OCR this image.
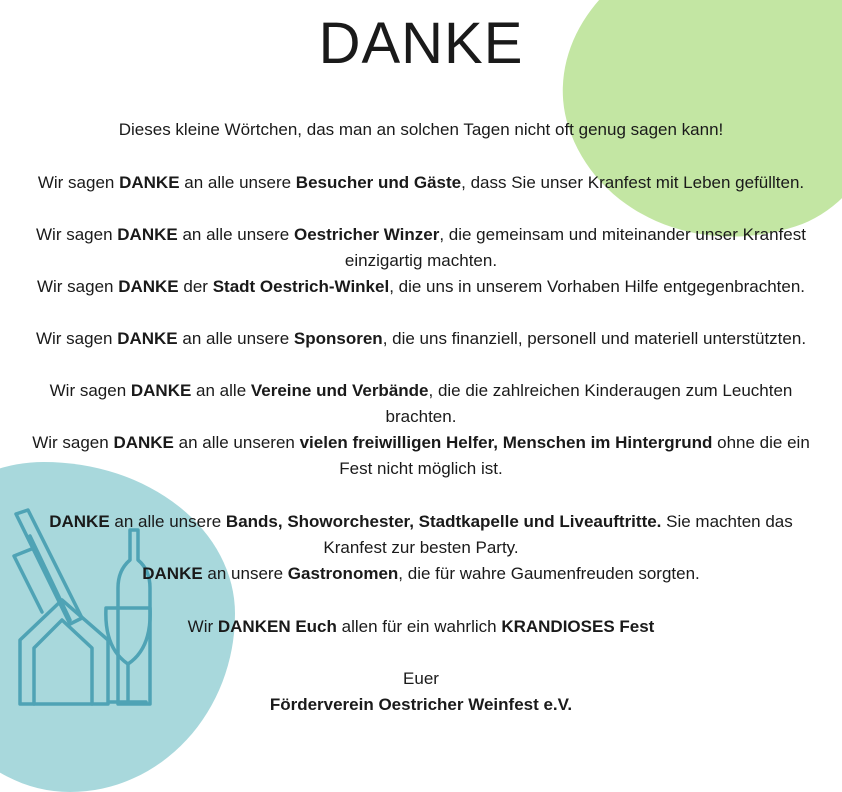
DANKE

Dieses kleine Wörtchen, das man an solchen Tagen nicht oft genug sagen kann!

Wir sagen DANKE an alle unsere Besucher und Gäste, dass Sie unser Kranfest mit Leben gefüllten.

Wir sagen DANKE an alle unsere Oestricher Winzer, die gemeinsam und miteinander unser Kranfest einzigartig machten.

Wir sagen DANKE der Stadt Oestrich-Winkel, die uns in unserem Vorhaben Hilfe entgegenbrachten.

Wir sagen DANKE an alle unsere Sponsoren, die uns finanziell, personell und materiell unterstützten.

Wir sagen DANKE an alle Vereine und Verbände, die die zahlreichen Kinderaugen zum Leuchten brachten.

Wir sagen DANKE an alle unseren vielen freiwilligen Helfer, Menschen im Hintergrund ohne die ein Fest nicht möglich ist.

DANKE an alle unsere Bands, Showorchester, Stadtkapelle und Liveauftritte. Sie machten das Kranfest zur besten Party.

DANKE an unsere Gastronomen, die für wahre Gaumenfreuden sorgten.

Wir DANKEN Euch allen für ein wahrlich KRANDIOSES Fest

Euer

Förderverein Oestricher Weinfest e.V.
